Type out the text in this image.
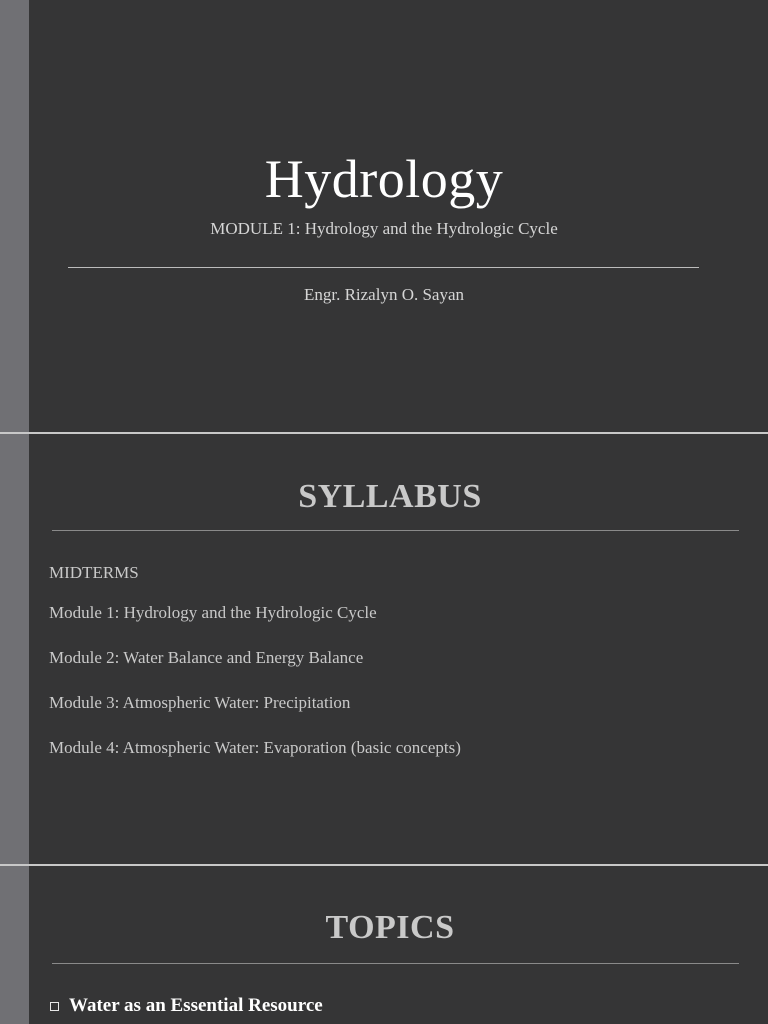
Hydrology
MODULE 1: Hydrology and the Hydrologic Cycle
Engr. Rizalyn O. Sayan
SYLLABUS
MIDTERMS
Module 1: Hydrology and the Hydrologic Cycle
Module 2: Water Balance and Energy Balance
Module 3: Atmospheric Water: Precipitation
Module 4: Atmospheric Water: Evaporation (basic concepts)
TOPICS
Water as an Essential Resource
